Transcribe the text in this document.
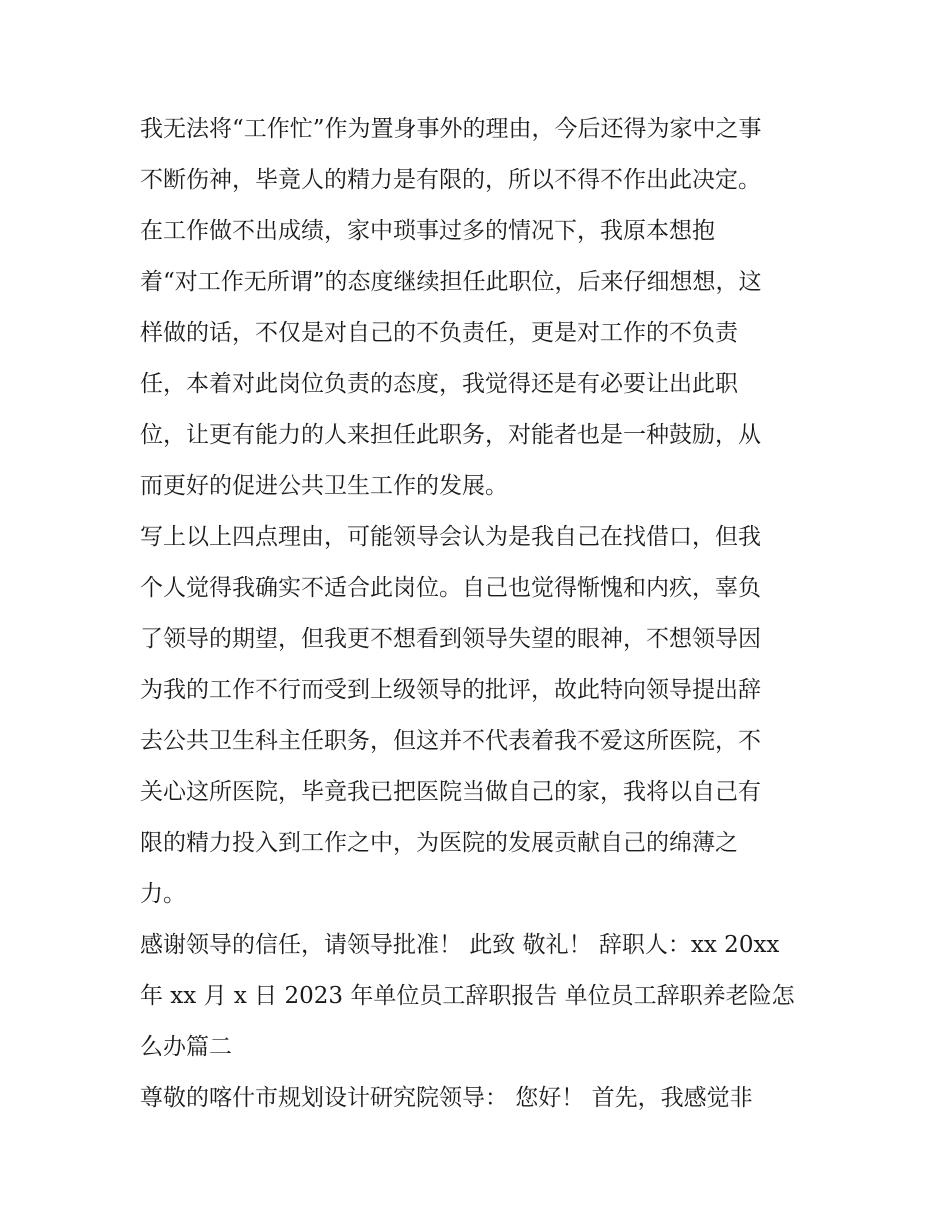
我无法将“工作忙”作为置身事外的理由，今后还得为家中之事
不断伤神，毕竟人的精力是有限的，所以不得不作出此决定。
在工作做不出成绩，家中琐事过多的情况下，我原本想抱
着“对工作无所谓”的态度继续担任此职位，后来仔细想想，这
样做的话，不仅是对自己的不负责任，更是对工作的不负责
任，本着对此岗位负责的态度，我觉得还是有必要让出此职
位，让更有能力的人来担任此职务，对能者也是一种鼓励，从
而更好的促进公共卫生工作的发展。
写上以上四点理由，可能领导会认为是我自己在找借口，但我
个人觉得我确实不适合此岗位。自己也觉得惭愧和内疚，辜负
了领导的期望，但我更不想看到领导失望的眼神，不想领导因
为我的工作不行而受到上级领导的批评，故此特向领导提出辞
去公共卫生科主任职务，但这并不代表着我不爱这所医院，不
关心这所医院，毕竟我已把医院当做自己的家，我将以自己有
限的精力投入到工作之中，为医院的发展贡献自己的绵薄之
力。
感谢领导的信任，请领导批准！ 此致 敬礼！ 辞职人：xx 20xx
年 xx 月 x 日 2023 年单位员工辞职报告 单位员工辞职养老险怎
么办篇二
尊敬的喀什市规划设计研究院领导： 您好！ 首先，我感觉非
